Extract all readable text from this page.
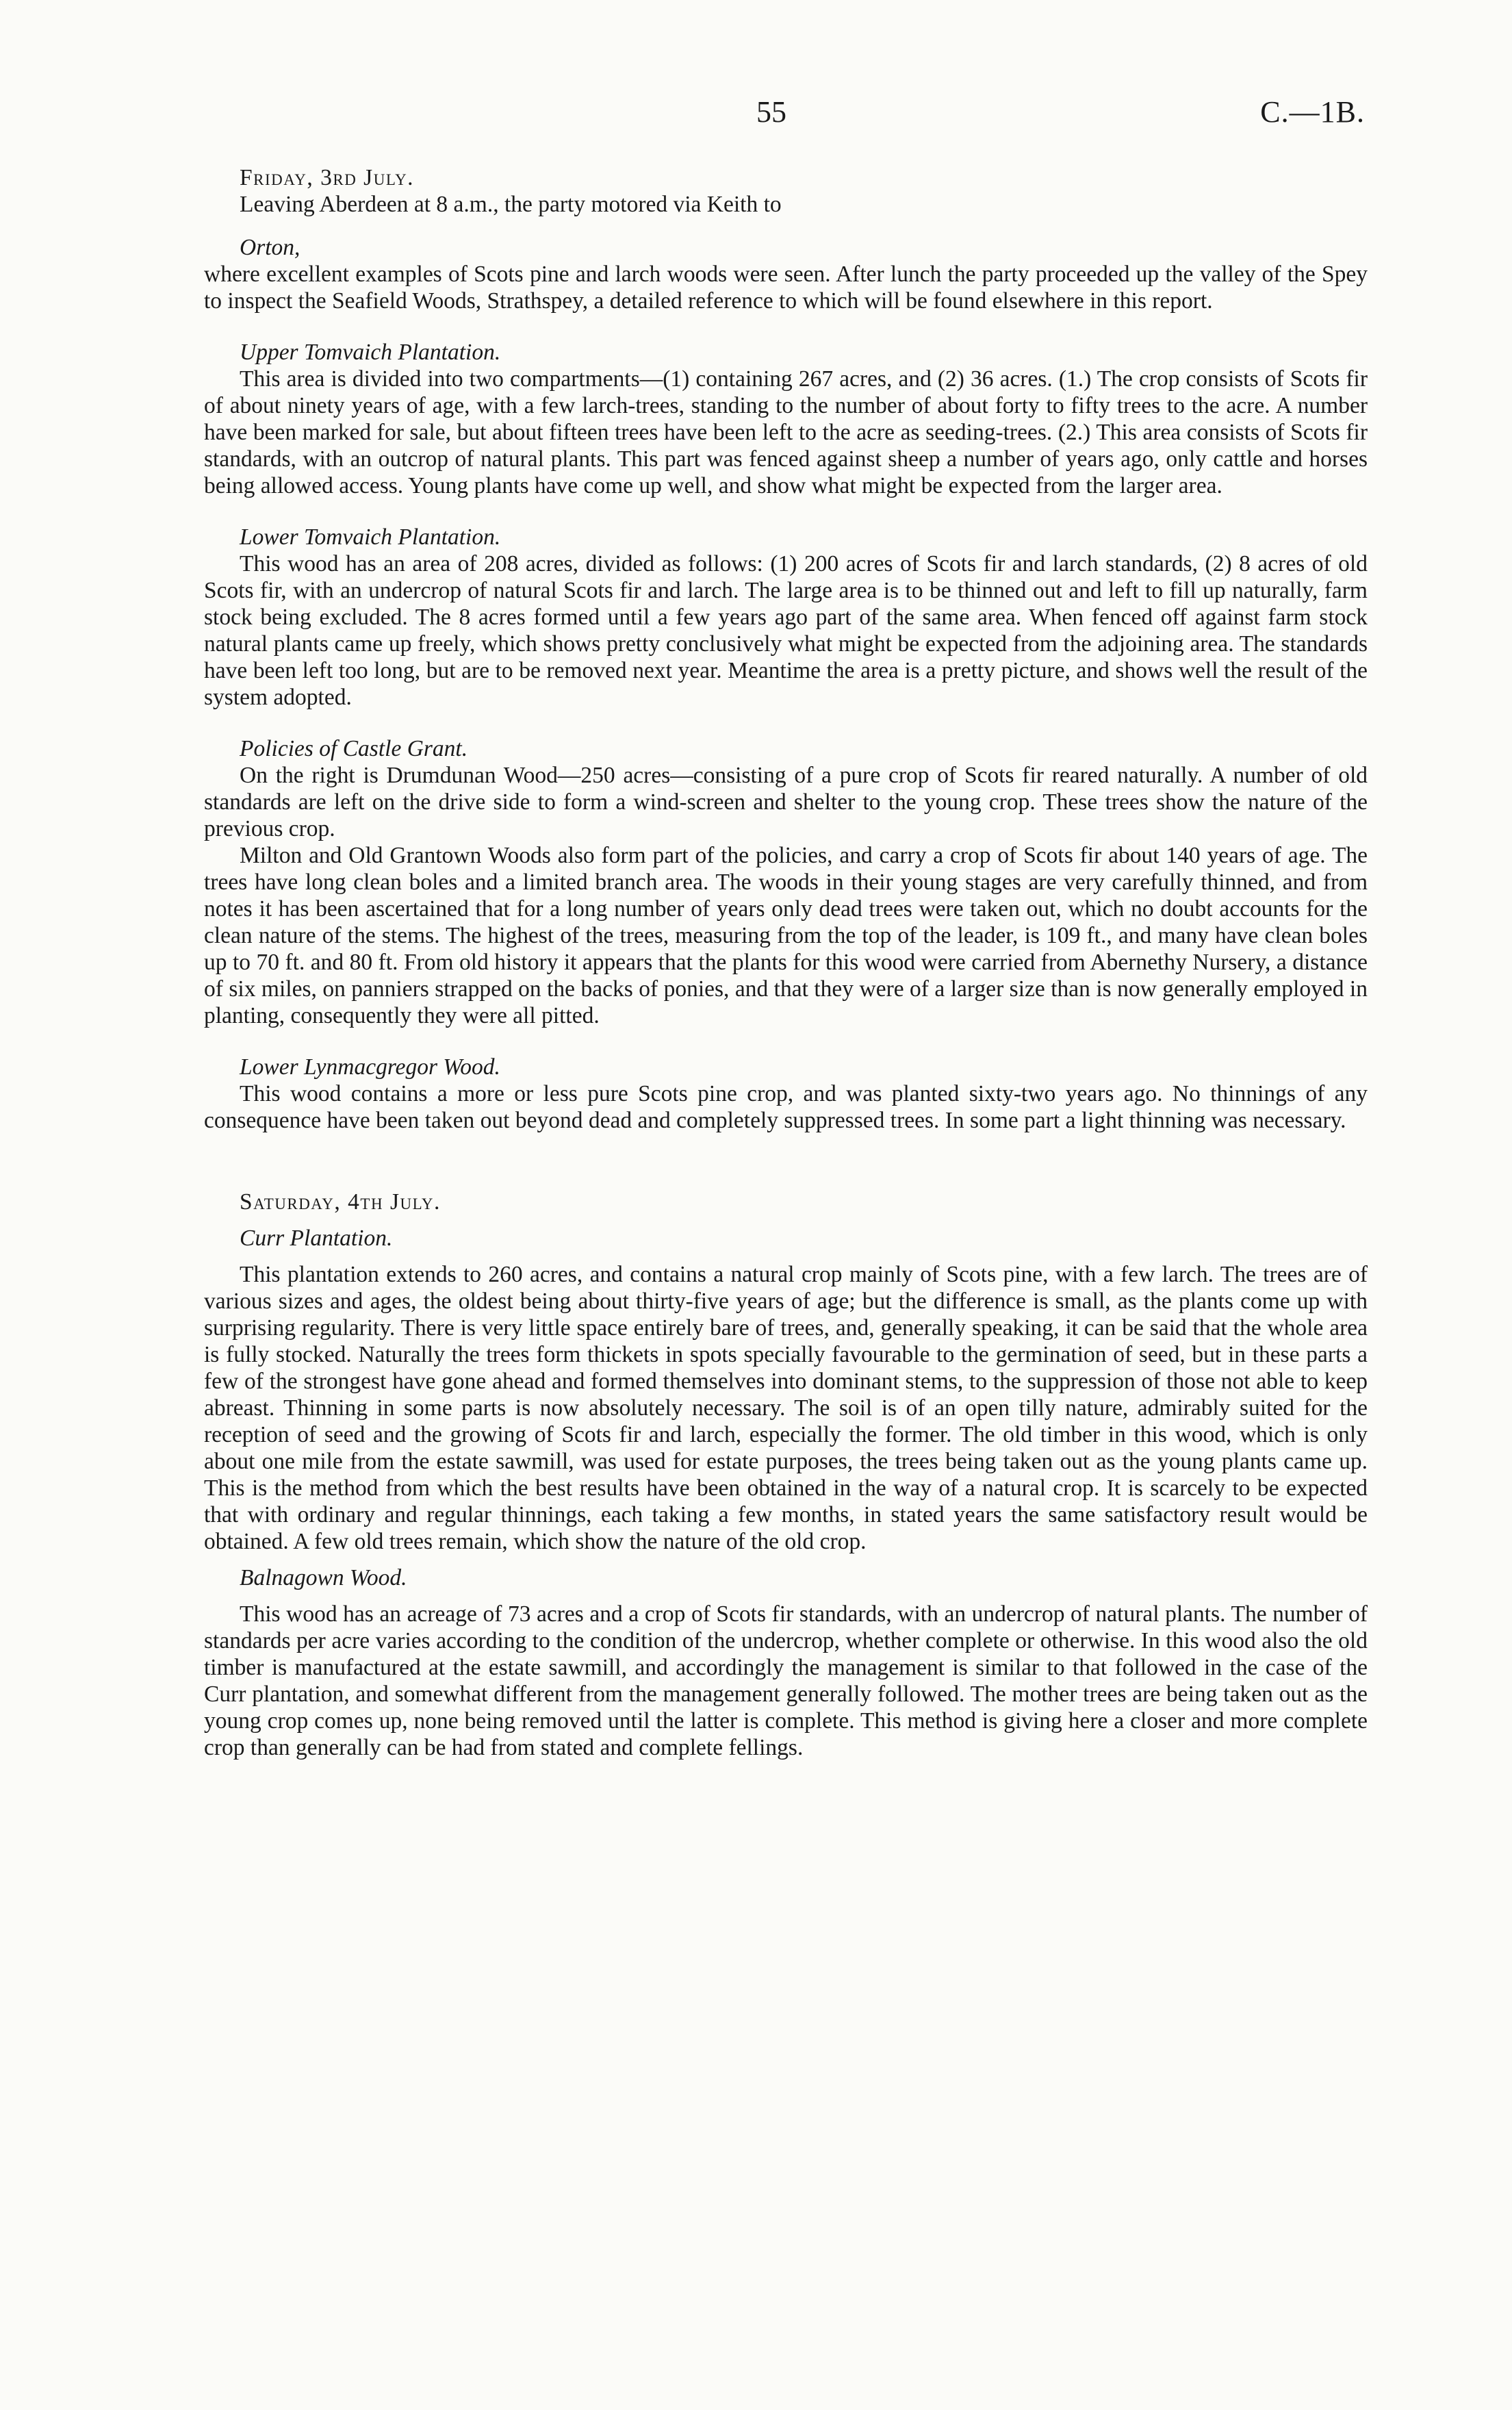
55	C.—1B.

Friday, 3rd July.

Leaving Aberdeen at 8 a.m., the party motored via Keith to

Orton,

where excellent examples of Scots pine and larch woods were seen. After lunch the party proceeded up the valley of the Spey to inspect the Seafield Woods, Strathspey, a detailed reference to which will be found elsewhere in this report.

Upper Tomvaich Plantation.

This area is divided into two compartments—(1) containing 267 acres, and (2) 36 acres. (1.) The crop consists of Scots fir of about ninety years of age, with a few larch-trees, standing to the number of about forty to fifty trees to the acre. A number have been marked for sale, but about fifteen trees have been left to the acre as seeding-trees. (2.) This area consists of Scots fir standards, with an outcrop of natural plants. This part was fenced against sheep a number of years ago, only cattle and horses being allowed access. Young plants have come up well, and show what might be expected from the larger area.

Lower Tomvaich Plantation.

This wood has an area of 208 acres, divided as follows: (1) 200 acres of Scots fir and larch standards, (2) 8 acres of old Scots fir, with an undercrop of natural Scots fir and larch. The large area is to be thinned out and left to fill up naturally, farm stock being excluded. The 8 acres formed until a few years ago part of the same area. When fenced off against farm stock natural plants came up freely, which shows pretty conclusively what might be expected from the adjoining area. The standards have been left too long, but are to be removed next year. Meantime the area is a pretty picture, and shows well the result of the system adopted.

Policies of Castle Grant.

On the right is Drumdunan Wood—250 acres—consisting of a pure crop of Scots fir reared naturally. A number of old standards are left on the drive side to form a wind-screen and shelter to the young crop. These trees show the nature of the previous crop.

Milton and Old Grantown Woods also form part of the policies, and carry a crop of Scots fir about 140 years of age. The trees have long clean boles and a limited branch area. The woods in their young stages are very carefully thinned, and from notes it has been ascertained that for a long number of years only dead trees were taken out, which no doubt accounts for the clean nature of the stems. The highest of the trees, measuring from the top of the leader, is 109 ft., and many have clean boles up to 70 ft. and 80 ft. From old history it appears that the plants for this wood were carried from Abernethy Nursery, a distance of six miles, on panniers strapped on the backs of ponies, and that they were of a larger size than is now generally employed in planting, consequently they were all pitted.

Lower Lynmacgregor Wood.

This wood contains a more or less pure Scots pine crop, and was planted sixty-two years ago. No thinnings of any consequence have been taken out beyond dead and completely suppressed trees. In some part a light thinning was necessary.

Saturday, 4th July.

Curr Plantation.

This plantation extends to 260 acres, and contains a natural crop mainly of Scots pine, with a few larch. The trees are of various sizes and ages, the oldest being about thirty-five years of age; but the difference is small, as the plants come up with surprising regularity. There is very little space entirely bare of trees, and, generally speaking, it can be said that the whole area is fully stocked. Naturally the trees form thickets in spots specially favourable to the germination of seed, but in these parts a few of the strongest have gone ahead and formed themselves into dominant stems, to the suppression of those not able to keep abreast. Thinning in some parts is now absolutely necessary. The soil is of an open tilly nature, admirably suited for the reception of seed and the growing of Scots fir and larch, especially the former. The old timber in this wood, which is only about one mile from the estate sawmill, was used for estate purposes, the trees being taken out as the young plants came up. This is the method from which the best results have been obtained in the way of a natural crop. It is scarcely to be expected that with ordinary and regular thinnings, each taking a few months, in stated years the same satisfactory result would be obtained. A few old trees remain, which show the nature of the old crop.

Balnagown Wood.

This wood has an acreage of 73 acres and a crop of Scots fir standards, with an undercrop of natural plants. The number of standards per acre varies according to the condition of the undercrop, whether complete or otherwise. In this wood also the old timber is manufactured at the estate sawmill, and accordingly the management is similar to that followed in the case of the Curr plantation, and somewhat different from the management generally followed. The mother trees are being taken out as the young crop comes up, none being removed until the latter is complete. This method is giving here a closer and more complete crop than generally can be had from stated and complete fellings.
